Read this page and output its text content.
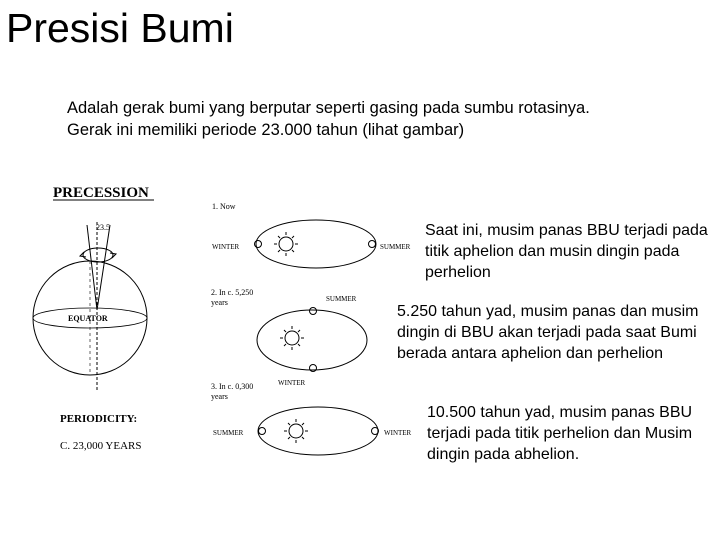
Presisi Bumi
Adalah gerak bumi yang berputar seperti gasing pada sumbu rotasinya.
Gerak ini memiliki periode 23.000 tahun (lihat gambar)
PRECESSION
23.5
EQUATOR
PERIODICITY:
C. 23,000 YEARS
1. Now
WINTER	SUMMER
2. In c. 5,250
years	SUMMER
WINTER
3. In c. 0,300
years
SUMMER	WINTER
Saat ini, musim panas BBU terjadi pada titik aphelion dan musin dingin pada perhelion
5.250 tahun yad, musim panas dan musim dingin di BBU akan terjadi pada saat Bumi berada antara aphelion dan perhelion
10.500 tahun yad, musim panas BBU terjadi pada titik perhelion dan Musim dingin pada abhelion.
